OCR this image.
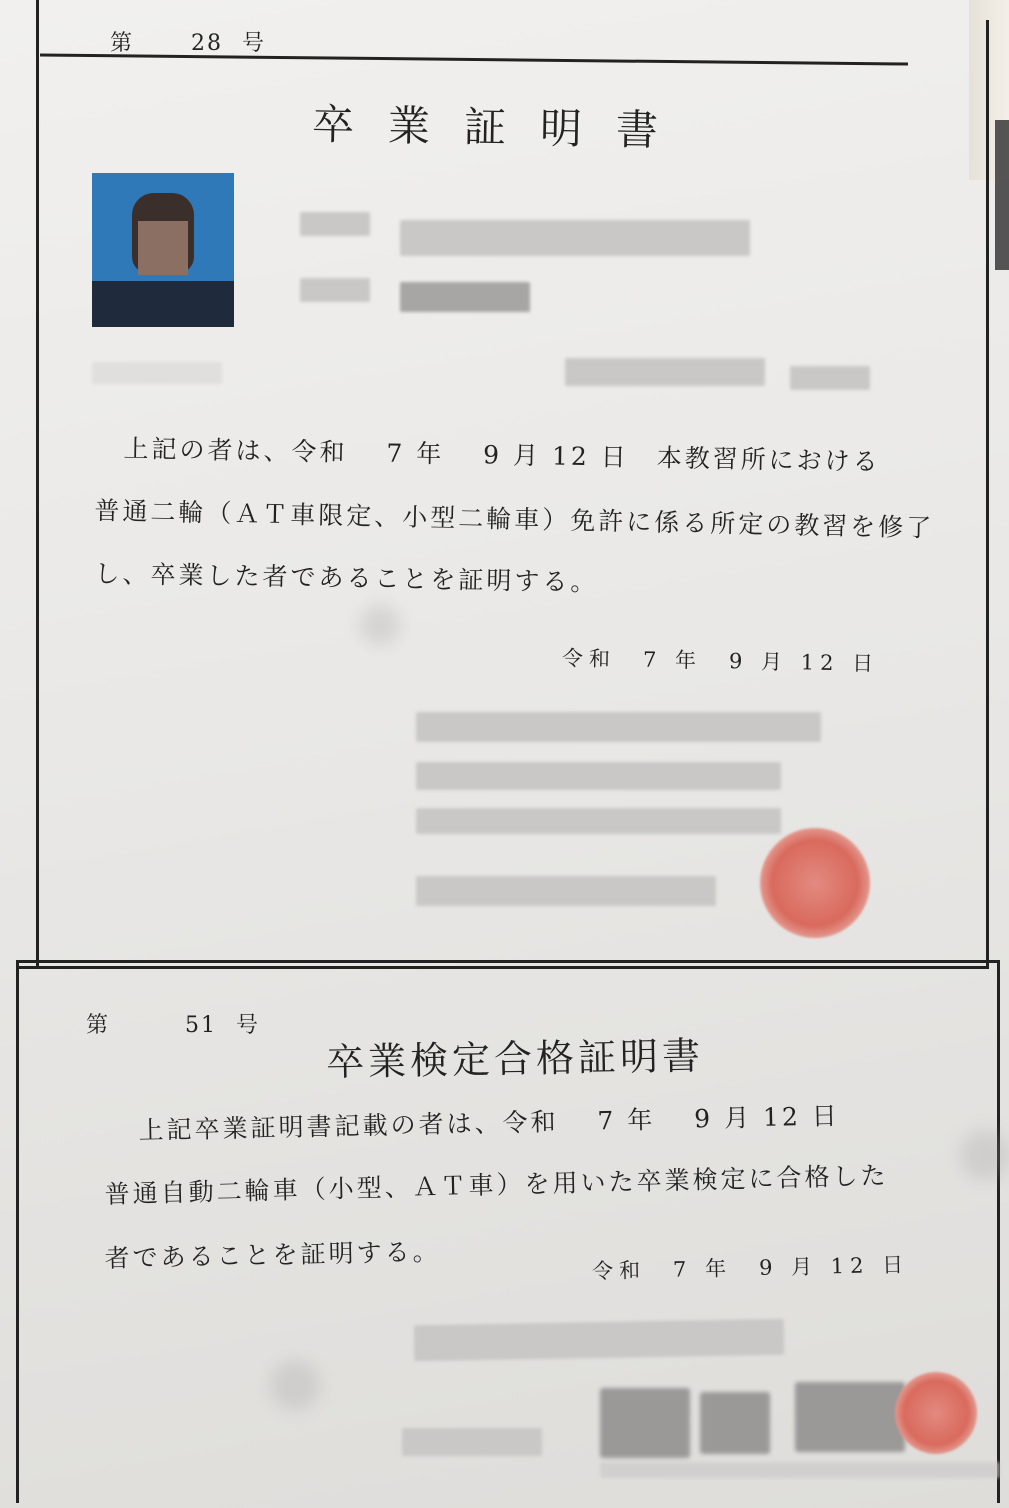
第	28 号
卒業証明書
上記の者は、令和　 7 年　 9 月 12 日　本教習所における
普通二輪（ＡＴ車限定、小型二輪車）免許に係る所定の教習を修了
し、卒業した者であることを証明する。
令和　7 年　9 月 12 日
第	51 号
卒業検定合格証明書
上記卒業証明書記載の者は、令和　 7 年　 9 月 12 日
普通自動二輪車（小型、ＡＴ車）を用いた卒業検定に合格した
者であることを証明する。	令和　7 年　9 月 12 日
